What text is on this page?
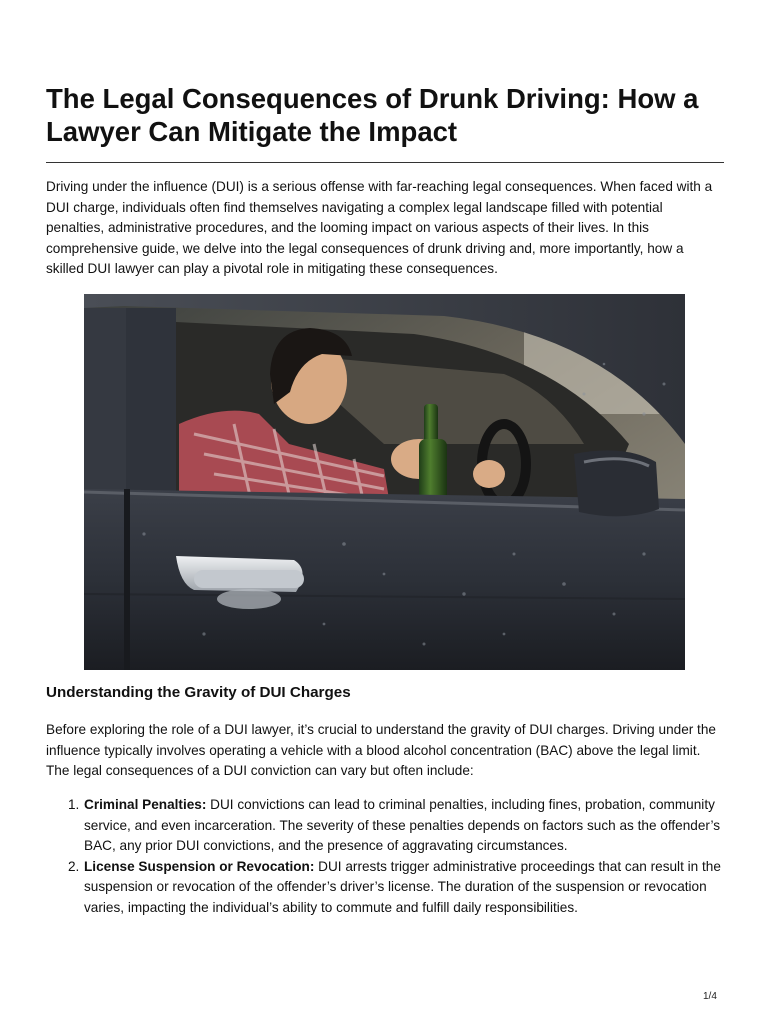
The Legal Consequences of Drunk Driving: How a Lawyer Can Mitigate the Impact

Driving under the influence (DUI) is a serious offense with far-reaching legal consequences. When faced with a DUI charge, individuals often find themselves navigating a complex legal landscape filled with potential penalties, administrative procedures, and the looming impact on various aspects of their lives. In this comprehensive guide, we delve into the legal consequences of drunk driving and, more importantly, how a skilled DUI lawyer can play a pivotal role in mitigating these consequences.

Understanding the Gravity of DUI Charges

Before exploring the role of a DUI lawyer, it’s crucial to understand the gravity of DUI charges. Driving under the influence typically involves operating a vehicle with a blood alcohol concentration (BAC) above the legal limit. The legal consequences of a DUI conviction can vary but often include:

1. Criminal Penalties: DUI convictions can lead to criminal penalties, including fines, probation, community service, and even incarceration. The severity of these penalties depends on factors such as the offender’s BAC, any prior DUI convictions, and the presence of aggravating circumstances.
2. License Suspension or Revocation: DUI arrests trigger administrative proceedings that can result in the suspension or revocation of the offender’s driver’s license. The duration of the suspension or revocation varies, impacting the individual’s ability to commute and fulfill daily responsibilities.
1/4
